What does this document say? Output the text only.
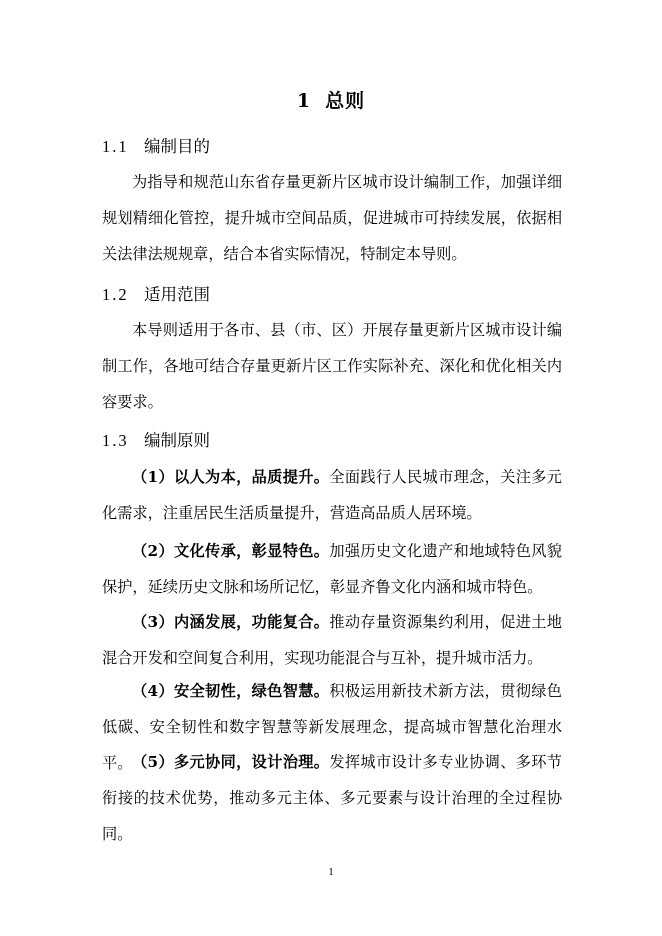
1 总则
1.1 编制目的

为指导和规范山东省存量更新片区城市设计编制工作，加强详细规划精细化管控，提升城市空间品质，促进城市可持续发展，依据相关法律法规规章，结合本省实际情况，特制定本导则。

1.2 适用范围

本导则适用于各市、县（市、区）开展存量更新片区城市设计编制工作，各地可结合存量更新片区工作实际补充、深化和优化相关内容要求。

1.3 编制原则

（1）以人为本，品质提升。全面践行人民城市理念，关注多元化需求，注重居民生活质量提升，营造高品质人居环境。

（2）文化传承，彰显特色。加强历史文化遗产和地域特色风貌保护，延续历史文脉和场所记忆，彰显齐鲁文化内涵和城市特色。

（3）内涵发展，功能复合。推动存量资源集约利用，促进土地混合开发和空间复合利用，实现功能混合与互补，提升城市活力。

（4）安全韧性，绿色智慧。积极运用新技术新方法，贯彻绿色低碳、安全韧性和数字智慧等新发展理念，提高城市智慧化治理水平。 （5）多元协同，设计治理。发挥城市设计多专业协调、多环节衔接的技术优势，推动多元主体、多元要素与设计治理的全过程协同。

1
